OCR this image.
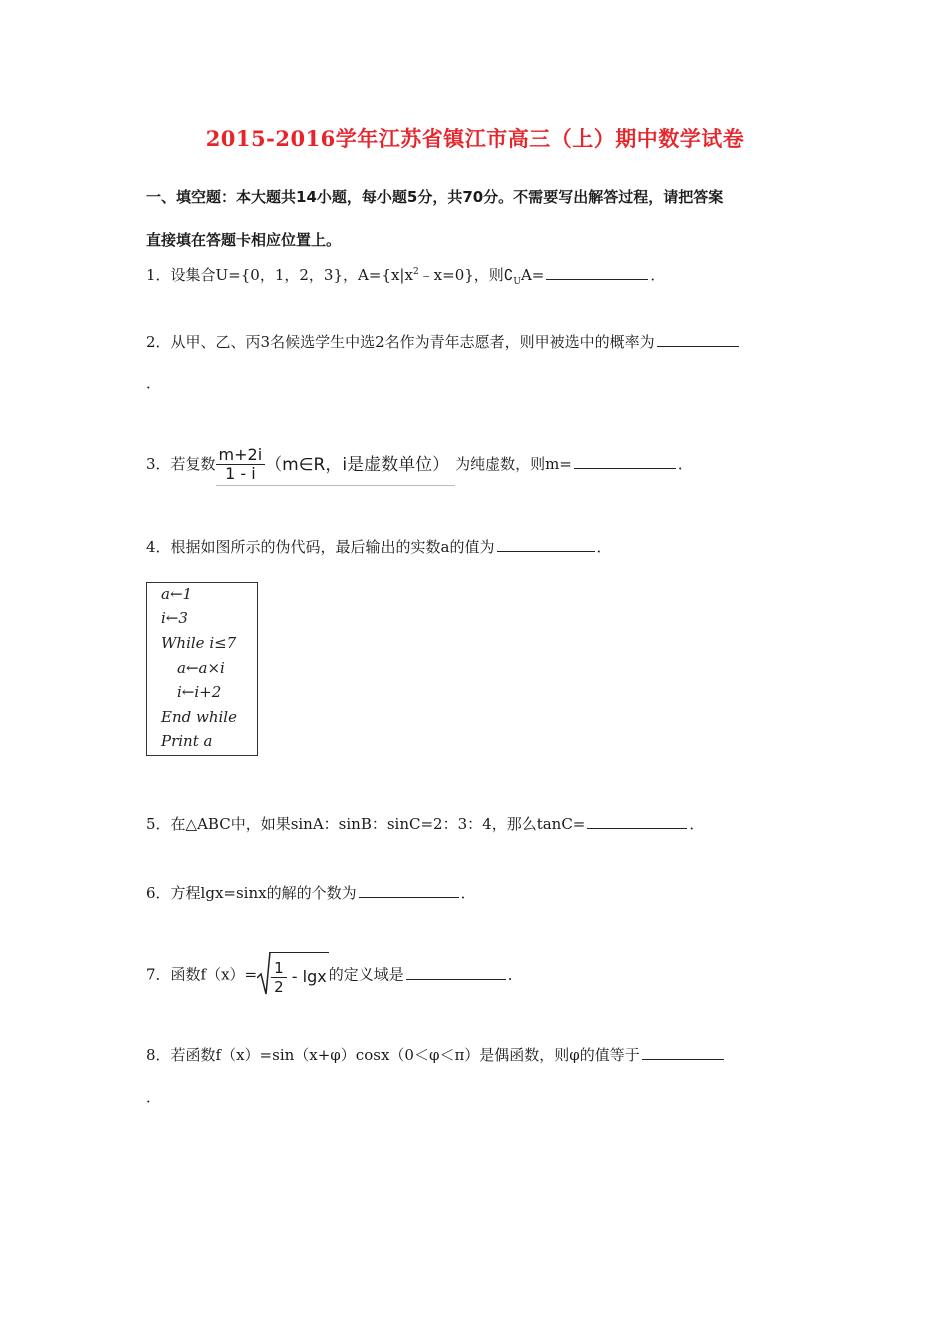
2015-2016学年江苏省镇江市高三（上）期中数学试卷
一、填空题：本大题共14小题，每小题5分，共70分。不需要写出解答过程，请把答案
直接填在答题卡相应位置上。
1．设集合U={0，1，2，3}，$A=\{x|x^2﹣x=0\}$，则$∁_UA=$	．
2．从甲、乙、丙3名候选学生中选2名作为青年志愿者，则甲被选中的概率为
．
3．若复数 $\frac{m+2i}{1 - i}$ （m∈R，i是虚数单位） 为纯虚数，则m=	．
4．根据如图所示的伪代码，最后输出的实数a的值为	．
a←1
i←3
While i≤7
a←a×i
i←i+2
End while
Print a
5．在△ABC中，如果sinA：sinB：sinC=2：3：4，那么tanC=	．
6．方程lgx=sinx的解的个数为	．
7．函数$f(x)= \frac{1}{2} - \lg x$ 的定义域是	．
8．若函数f（x）=sin（x+φ）cosx（0＜φ＜π）是偶函数，则φ的值等于
．
